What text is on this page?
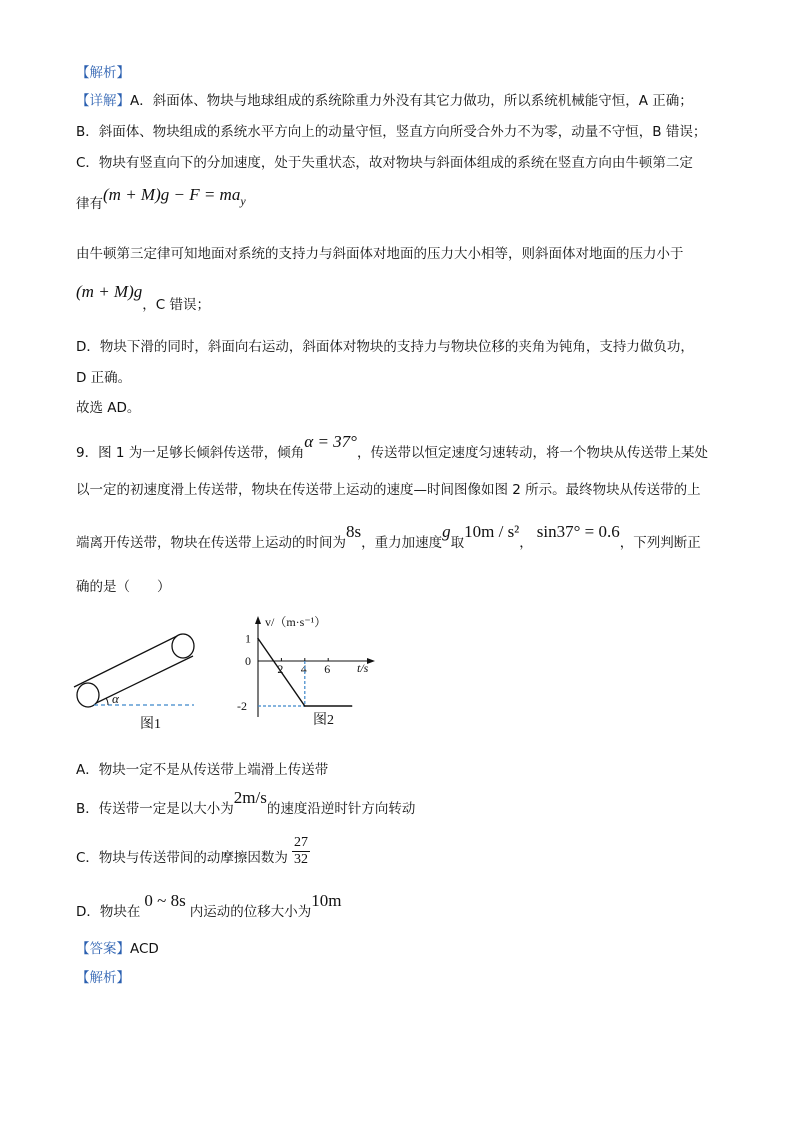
【解析】
【详解】A．斜面体、物块与地球组成的系统除重力外没有其它力做功，所以系统机械能守恒，A 正确；
B．斜面体、物块组成的系统水平方向上的动量守恒，竖直方向所受合外力不为零，动量不守恒，B 错误；
C．物块有竖直向下的分加速度，处于失重状态，故对物块与斜面体组成的系统在竖直方向由牛顿第二定
律有(m + M)g − F = may
由牛顿第三定律可知地面对系统的支持力与斜面体对地面的压力大小相等，则斜面体对地面的压力小于
(m + M)g，C 错误；
D．物块下滑的同时，斜面向右运动，斜面体对物块的支持力与物块位移的夹角为钝角，支持力做负功，
D 正确。
故选 AD。
9．图 1 为一足够长倾斜传送带，倾角α = 37°，传送带以恒定速度匀速转动，将一个物块从传送带上某处
以一定的初速度滑上传送带，物块在传送带上运动的速度—时间图像如图 2 所示。最终物块从传送带的上
端离开传送带，物块在传送带上运动的时间为8s，重力加速度g取10m / s²，sin37° = 0.6，下列判断正
确的是（　　）
α
图1
v/（m·s⁻¹）
t/s
2 4 6
1
0
-2
图2
A．物块一定不是从传送带上端滑上传送带
B．传送带一定是以大小为2m/s的速度沿逆时针方向转动
C．物块与传送带间的动摩擦因数为 $\frac{27}{32}$
D．物块在0 ~ 8s内运动的位移大小为10m
【答案】ACD
【解析】
